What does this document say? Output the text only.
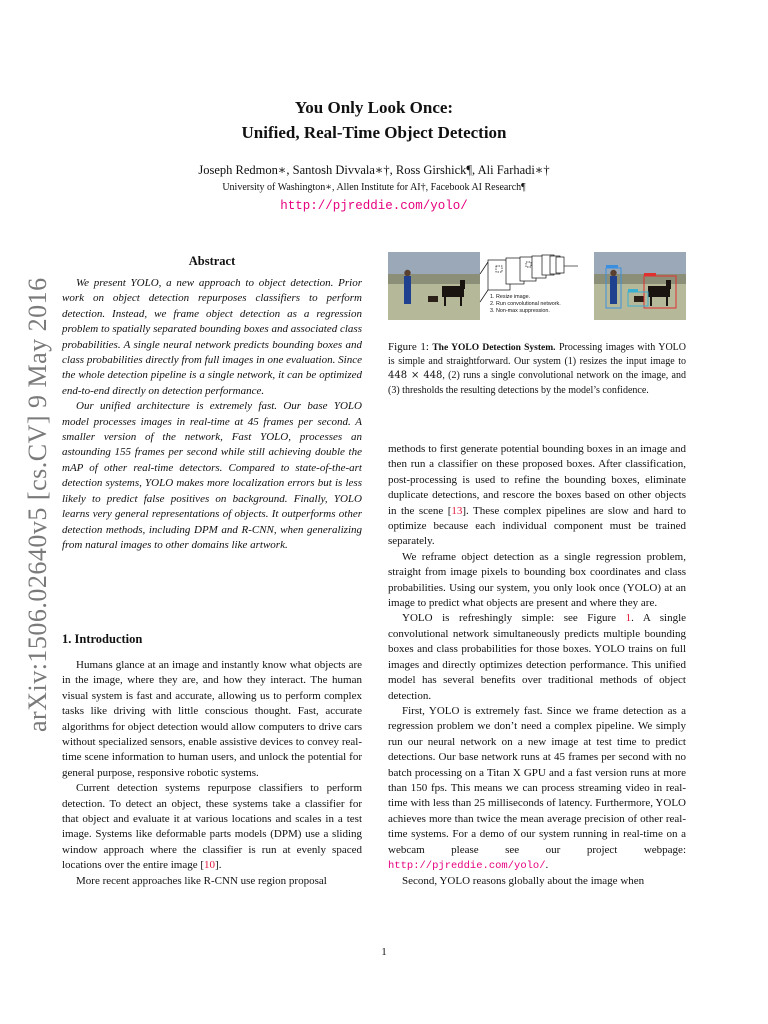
arXiv:1506.02640v5 [cs.CV] 9 May 2016
You Only Look Once:
Unified, Real-Time Object Detection
Joseph Redmon∗, Santosh Divvala∗†, Ross Girshick¶, Ali Farhadi∗†
University of Washington∗, Allen Institute for AI†, Facebook AI Research¶
http://pjreddie.com/yolo/
Abstract

We present YOLO, a new approach to object detection. Prior work on object detection repurposes classifiers to perform detection. Instead, we frame object detection as a regression problem to spatially separated bounding boxes and associated class probabilities. A single neural network predicts bounding boxes and class probabilities directly from full images in one evaluation. Since the whole detection pipeline is a single network, it can be optimized end-to-end directly on detection performance.

Our unified architecture is extremely fast. Our base YOLO model processes images in real-time at 45 frames per second. A smaller version of the network, Fast YOLO, processes an astounding 155 frames per second while still achieving double the mAP of other real-time detectors. Compared to state-of-the-art detection systems, YOLO makes more localization errors but is less likely to predict false positives on background. Finally, YOLO learns very general representations of objects. It outperforms other detection methods, including DPM and R-CNN, when generalizing from natural images to other domains like artwork.

1. Introduction

Humans glance at an image and instantly know what objects are in the image, where they are, and how they interact. The human visual system is fast and accurate, allowing us to perform complex tasks like driving with little conscious thought. Fast, accurate algorithms for object detection would allow computers to drive cars without specialized sensors, enable assistive devices to convey real-time scene information to human users, and unlock the potential for general purpose, responsive robotic systems.

Current detection systems repurpose classifiers to perform detection. To detect an object, these systems take a classifier for that object and evaluate it at various locations and scales in a test image. Systems like deformable parts models (DPM) use a sliding window approach where the classifier is run at evenly spaced locations over the entire image [10].

More recent approaches like R-CNN use region proposal

1. Resize image.
2. Run convolutional network.
3. Non-max suppression.
Figure 1: The YOLO Detection System. Processing images with YOLO is simple and straightforward. Our system (1) resizes the input image to 448 × 448, (2) runs a single convolutional network on the image, and (3) thresholds the resulting detections by the model’s confidence.

methods to first generate potential bounding boxes in an image and then run a classifier on these proposed boxes. After classification, post-processing is used to refine the bounding boxes, eliminate duplicate detections, and rescore the boxes based on other objects in the scene [13]. These complex pipelines are slow and hard to optimize because each individual component must be trained separately.

We reframe object detection as a single regression problem, straight from image pixels to bounding box coordinates and class probabilities. Using our system, you only look once (YOLO) at an image to predict what objects are present and where they are.

YOLO is refreshingly simple: see Figure 1. A single convolutional network simultaneously predicts multiple bounding boxes and class probabilities for those boxes. YOLO trains on full images and directly optimizes detection performance. This unified model has several benefits over traditional methods of object detection.

First, YOLO is extremely fast. Since we frame detection as a regression problem we don’t need a complex pipeline. We simply run our neural network on a new image at test time to predict detections. Our base network runs at 45 frames per second with no batch processing on a Titan X GPU and a fast version runs at more than 150 fps. This means we can process streaming video in real-time with less than 25 milliseconds of latency. Furthermore, YOLO achieves more than twice the mean average precision of other real-time systems. For a demo of our system running in real-time on a webcam please see our project webpage: http://pjreddie.com/yolo/.

Second, YOLO reasons globally about the image when

1
